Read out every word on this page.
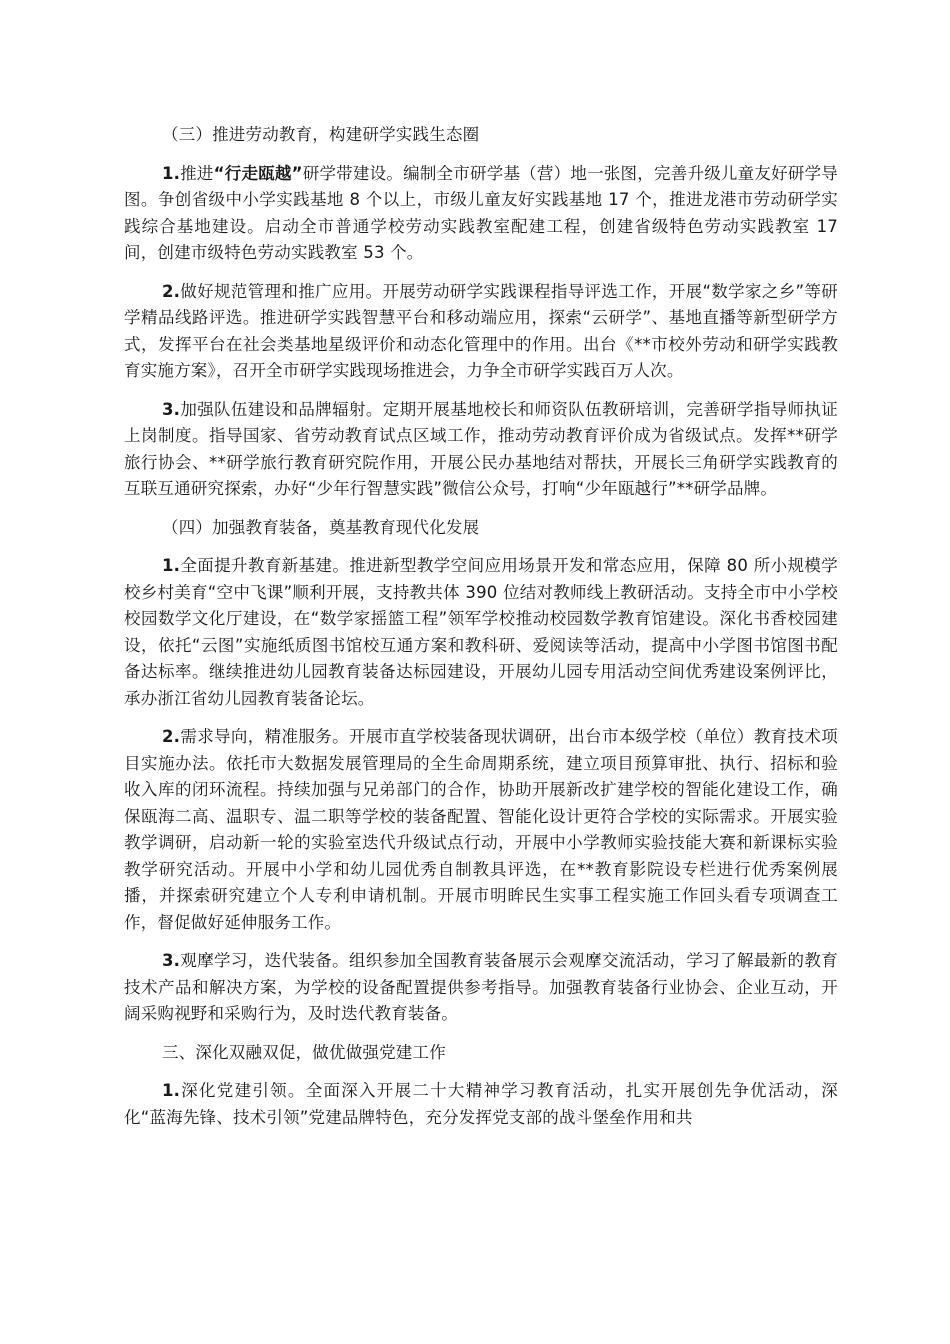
（三）推进劳动教育，构建研学实践生态圈

1.推进“行走瓯越”研学带建设。编制全市研学基（营）地一张图，完善升级儿童友好研学导图。争创省级中小学实践基地 8 个以上，市级儿童友好实践基地 17 个，推进龙港市劳动研学实践综合基地建设。启动全市普通学校劳动实践教室配建工程，创建省级特色劳动实践教室 17 间，创建市级特色劳动实践教室 53 个。

2.做好规范管理和推广应用。开展劳动研学实践课程指导评选工作，开展“数学家之乡”等研学精品线路评选。推进研学实践智慧平台和移动端应用，探索“云研学”、基地直播等新型研学方式，发挥平台在社会类基地星级评价和动态化管理中的作用。出台《**市校外劳动和研学实践教育实施方案》，召开全市研学实践现场推进会，力争全市研学实践百万人次。

3.加强队伍建设和品牌辐射。定期开展基地校长和师资队伍教研培训，完善研学指导师执证上岗制度。指导国家、省劳动教育试点区域工作，推动劳动教育评价成为省级试点。发挥**研学旅行协会、**研学旅行教育研究院作用，开展公民办基地结对帮扶，开展长三角研学实践教育的互联互通研究探索，办好“少年行智慧实践”微信公众号，打响“少年瓯越行”**研学品牌。

（四）加强教育装备，奠基教育现代化发展

1.全面提升教育新基建。推进新型教学空间应用场景开发和常态应用，保障 80 所小规模学校乡村美育“空中飞课”顺利开展，支持教共体 390 位结对教师线上教研活动。支持全市中小学校校园数学文化厅建设，在“数学家摇篮工程”领军学校推动校园数学教育馆建设。深化书香校园建设，依托“云图”实施纸质图书馆校互通方案和教科研、爱阅读等活动，提高中小学图书馆图书配备达标率。继续推进幼儿园教育装备达标园建设，开展幼儿园专用活动空间优秀建设案例评比，承办浙江省幼儿园教育装备论坛。

2.需求导向，精准服务。开展市直学校装备现状调研，出台市本级学校（单位）教育技术项目实施办法。依托市大数据发展管理局的全生命周期系统，建立项目预算审批、执行、招标和验收入库的闭环流程。持续加强与兄弟部门的合作，协助开展新改扩建学校的智能化建设工作，确保瓯海二高、温职专、温二职等学校的装备配置、智能化设计更符合学校的实际需求。开展实验教学调研，启动新一轮的实验室迭代升级试点行动，开展中小学教师实验技能大赛和新课标实验教学研究活动。开展中小学和幼儿园优秀自制教具评选，在**教育影院设专栏进行优秀案例展播，并探索研究建立个人专利申请机制。开展市明眸民生实事工程实施工作回头看专项调查工作，督促做好延伸服务工作。

3.观摩学习，迭代装备。组织参加全国教育装备展示会观摩交流活动，学习了解最新的教育技术产品和解决方案，为学校的设备配置提供参考指导。加强教育装备行业协会、企业互动，开阔采购视野和采购行为，及时迭代教育装备。

三、深化双融双促，做优做强党建工作

1.深化党建引领。全面深入开展二十大精神学习教育活动，扎实开展创先争优活动，深化“蓝海先锋、技术引领”党建品牌特色，充分发挥党支部的战斗堡垒作用和共
